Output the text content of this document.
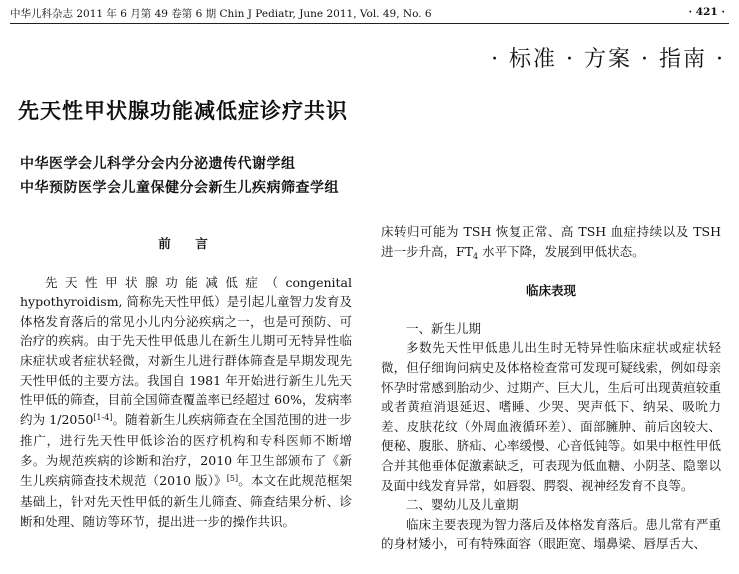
中华儿科杂志 2011 年 6 月第 49 卷第 6 期 Chin J Pediatr, June 2011, Vol. 49, No. 6	· 421 ·
· 标准 · 方案 · 指南 ·
先天性甲状腺功能减低症诊疗共识
中华医学会儿科学分会内分泌遗传代谢学组
中华预防医学会儿童保健分会新生儿疾病筛查学组
前　言

先天性甲状腺功能减低症（congenital hypothyroidism, 简称先天性甲低）是引起儿童智力发育及体格发育落后的常见小儿内分泌疾病之一，也是可预防、可治疗的疾病。由于先天性甲低患儿在新生儿期可无特异性临床症状或者症状轻微，对新生儿进行群体筛查是早期发现先天性甲低的主要方法。我国自 1981 年开始进行新生儿先天性甲低的筛查，目前全国筛查覆盖率已经超过 60%，发病率约为 1/2050[1-4]。随着新生儿疾病筛查在全国范围的进一步推广，进行先天性甲低诊治的医疗机构和专科医师不断增多。为规范疾病的诊断和治疗，2010 年卫生部颁布了《新生儿疾病筛查技术规范（2010 版）》[5]。本文在此规范框架基础上，针对先天性甲低的新生儿筛查、筛查结果分析、诊断和处理、随访等环节，提出进一步的操作共识。

床转归可能为 TSH 恢复正常、高 TSH 血症持续以及 TSH 进一步升高，$FT_4$ 水平下降，发展到甲低状态。

临床表现
一、新生儿期

多数先天性甲低患儿出生时无特异性临床症状或症状轻微，但仔细询问病史及体格检查常可发现可疑线索，例如母亲怀孕时常感到胎动少、过期产、巨大儿，生后可出现黄疸较重或者黄疸消退延迟、嗜睡、少哭、哭声低下、纳呆、吸吮力差、皮肤花纹（外周血液循环差）、面部臃肿、前后囟较大、便秘、腹胀、脐疝、心率缓慢、心音低钝等。如果中枢性甲低合并其他垂体促激素缺乏，可表现为低血糖、小阴茎、隐睾以及面中线发育异常，如唇裂、腭裂、视神经发育不良等。

二、婴幼儿及儿童期

临床主要表现为智力落后及体格发育落后。患儿常有严重的身材矮小，可有特殊面容（眼距宽、塌鼻梁、唇厚舌大、
